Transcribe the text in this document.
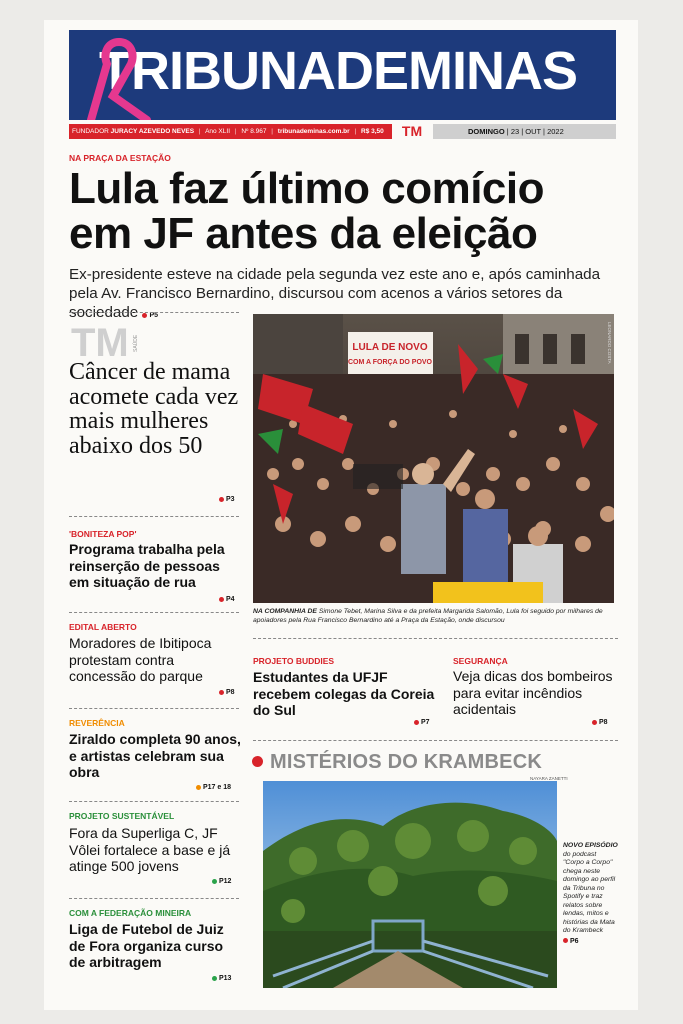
TRIBUNADEMINAS
FUNDADOR JURACY AZEVEDO NEVES | Ano XLII | Nº 8.967 | tribunademinas.com.br | R$ 3,50	TM	DOMINGO | 23 | OUT | 2022
NA PRAÇA DA ESTAÇÃO
Lula faz último comício
em JF antes da eleição
Ex-presidente esteve na cidade pela segunda vez este ano e, após caminhada pela Av. Francisco Bernardino, discursou com acenos a vários setores da sociedade P5
TM SAÚDE
Câncer de mama acomete cada vez mais mulheres abaixo dos 50
P3
'BONITEZA POP'
Programa trabalha pela reinserção de pessoas em situação de rua
P4
EDITAL ABERTO
Moradores de Ibitipoca protestam contra concessão do parque
P8
REVERÊNCIA
Ziraldo completa 90 anos, e artistas celebram sua obra
P17 e 18
PROJETO SUSTENTÁVEL
Fora da Superliga C, JF Vôlei fortalece a base e já atinge 500 jovens
P12
COM A FEDERAÇÃO MINEIRA
Liga de Futebol de Juiz de Fora organiza curso de arbitragem
P13
LULA DE NOVO
COM A FORÇA DO POVO	LEONARDO COSTA
NA COMPANHIA DE Simone Tebet, Marina Silva e da prefeita Margarida Salomão, Lula foi seguido por milhares de apoiadores pela Rua Francisco Bernardino até a Praça da Estação, onde discursou
PROJETO BUDDIES
Estudantes da UFJF recebem colegas da Coreia do Sul
P7
SEGURANÇA
Veja dicas dos bombeiros para evitar incêndios acidentais
P8
MISTÉRIOS DO KRAMBECK
NAYARA ZANETTI
NOVO EPISÓDIO do podcast "Corpo a Corpo" chega neste domingo ao perfil da Tribuna no Spotify e traz relatos sobre lendas, mitos e histórias da Mata do Krambeck
P6
